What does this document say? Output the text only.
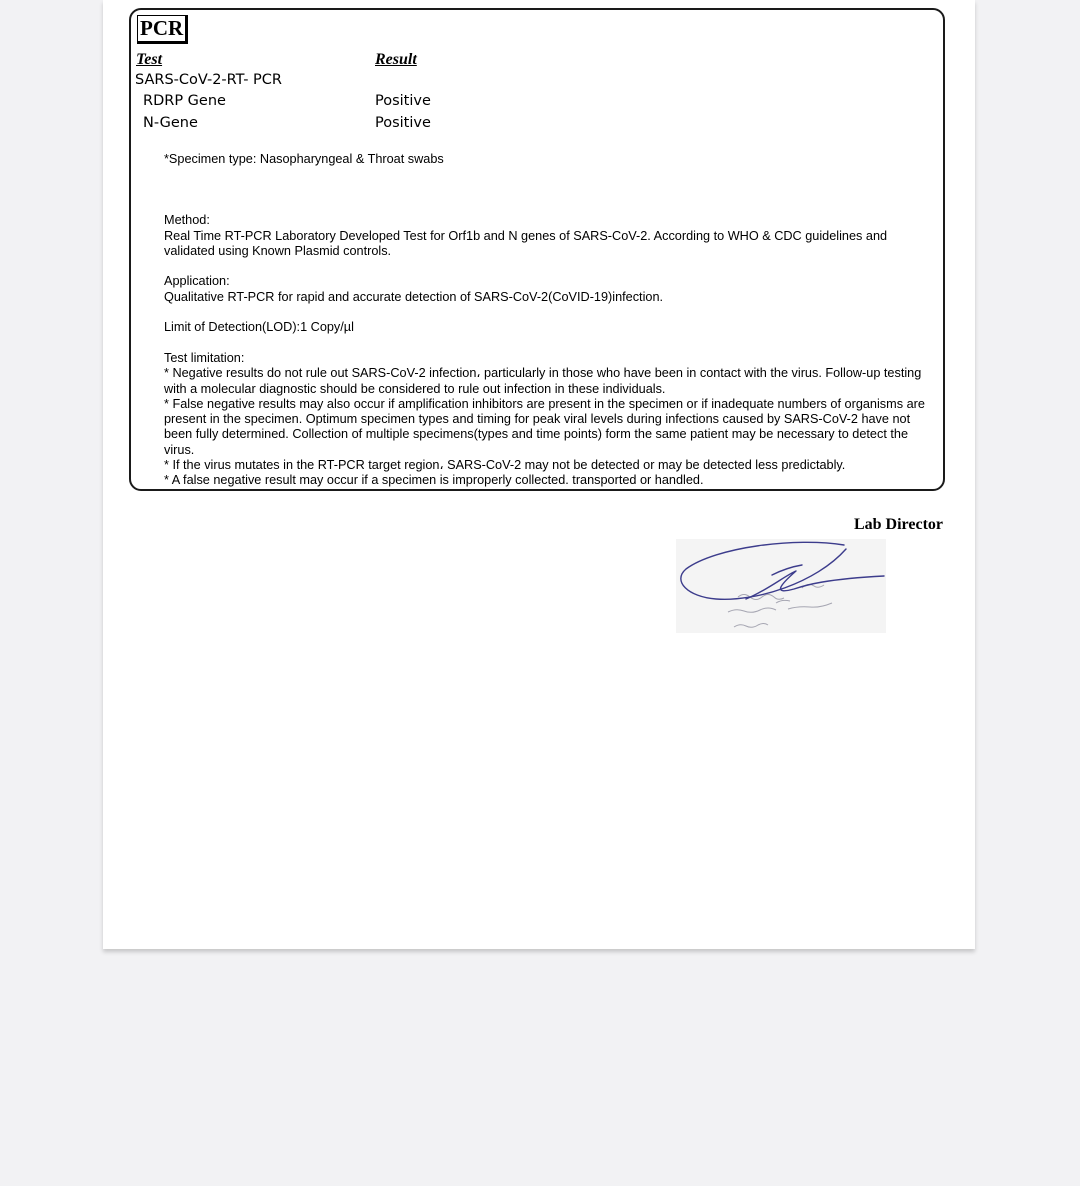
PCR
Test	Result
SARS-CoV-2-RT- PCR
RDRP Gene	Positive
N-Gene	Positive

*Specimen type: Nasopharyngeal & Throat swabs

Method:

Real Time RT-PCR Laboratory Developed Test for Orf1b and N genes of SARS-CoV-2. According to WHO & CDC guidelines and validated using Known Plasmid controls.

Application:

Qualitative RT-PCR for rapid and accurate detection of SARS-CoV-2(CoVID-19)infection.

Limit of Detection(LOD):1 Copy/µl

Test limitation:

* Negative results do not rule out SARS-CoV-2 infection، particularly in those who have been in contact with the virus. Follow-up testing with a molecular diagnostic should be considered to rule out infection in these individuals.

* False negative results may also occur if amplification inhibitors are present in the specimen or if inadequate numbers of organisms are present in the specimen. Optimum specimen types and timing for peak viral levels during infections caused by SARS-CoV-2 have not been fully determined. Collection of multiple specimens(types and time points) form the same patient may be necessary to detect the virus.

* If the virus mutates in the RT-PCR target region، SARS-CoV-2 may not be detected or may be detected less predictably.

* A false negative result may occur if a specimen is improperly collected. transported or handled.

Lab Director
